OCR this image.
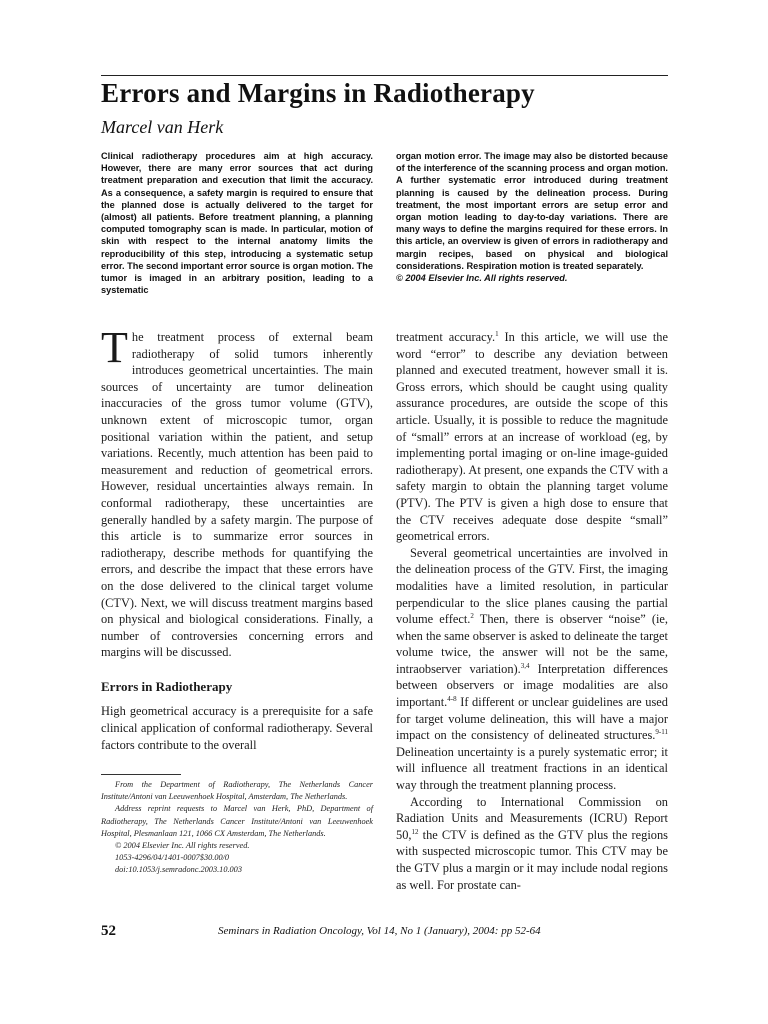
Errors and Margins in Radiotherapy

Marcel van Herk

Clinical radiotherapy procedures aim at high accuracy. However, there are many error sources that act during treatment preparation and execution that limit the accuracy. As a consequence, a safety margin is required to ensure that the planned dose is actually delivered to the target for (almost) all patients. Before treatment planning, a planning computed tomography scan is made. In particular, motion of skin with respect to the internal anatomy limits the reproducibility of this step, introducing a systematic setup error. The second important error source is organ motion. The tumor is imaged in an arbitrary position, leading to a systematic
organ motion error. The image may also be distorted because of the interference of the scanning process and organ motion. A further systematic error introduced during treatment planning is caused by the delineation process. During treatment, the most important errors are setup error and organ motion leading to day-to-day variations. There are many ways to define the margins required for these errors. In this article, an overview is given of errors in radiotherapy and margin recipes, based on physical and biological considerations. Respiration motion is treated separately.
© 2004 Elsevier Inc. All rights reserved.

The treatment process of external beam radiotherapy of solid tumors inherently introduces geometrical uncertainties. The main sources of uncertainty are tumor delineation inaccuracies of the gross tumor volume (GTV), unknown extent of microscopic tumor, organ positional variation within the patient, and setup variations. Recently, much attention has been paid to measurement and reduction of geometrical errors. However, residual uncertainties always remain. In conformal radiotherapy, these uncertainties are generally handled by a safety margin. The purpose of this article is to summarize error sources in radiotherapy, describe methods for quantifying the errors, and describe the impact that these errors have on the dose delivered to the clinical target volume (CTV). Next, we will discuss treatment margins based on physical and biological considerations. Finally, a number of controversies concerning errors and margins will be discussed.

Errors in Radiotherapy

High geometrical accuracy is a prerequisite for a safe clinical application of conformal radiotherapy. Several factors contribute to the overall

treatment accuracy.$^1$ In this article, we will use the word “error” to describe any deviation between planned and executed treatment, however small it is. Gross errors, which should be caught using quality assurance procedures, are outside the scope of this article. Usually, it is possible to reduce the magnitude of “small” errors at an increase of workload (eg, by implementing portal imaging or on-line image-guided radiotherapy). At present, one expands the CTV with a safety margin to obtain the planning target volume (PTV). The PTV is given a high dose to ensure that the CTV receives adequate dose despite “small” geometrical errors.

Several geometrical uncertainties are involved in the delineation process of the GTV. First, the imaging modalities have a limited resolution, in particular perpendicular to the slice planes causing the partial volume effect.$^2$ Then, there is observer “noise” (ie, when the same observer is asked to delineate the target volume twice, the answer will not be the same, intraobserver variation).$^{3,4}$ Interpretation differences between observers or image modalities are also important.$^{4-8}$ If different or unclear guidelines are used for target volume delineation, this will have a major impact on the consistency of delineated structures.$^{9-11}$ Delineation uncertainty is a purely systematic error; it will influence all treatment fractions in an identical way through the treatment planning process.

According to International Commission on Radiation Units and Measurements (ICRU) Report 50,12 the CTV is defined as the GTV plus the regions with suspected microscopic tumor. This CTV may be the GTV plus a margin or it may include nodal regions as well. For prostate can-

From the Department of Radiotherapy, The Netherlands Cancer Institute/Antoni van Leeuwenhoek Hospital, Amsterdam, The Netherlands.

Address reprint requests to Marcel van Herk, PhD, Department of Radiotherapy, The Netherlands Cancer Institute/Antoni van Leeuwenhoek Hospital, Plesmanlaan 121, 1066 CX Amsterdam, The Netherlands.

© 2004 Elsevier Inc. All rights reserved.

1053-4296/04/1401-0007$30.00/0

doi:10.1053/j.semradonc.2003.10.003

52	Seminars in Radiation Oncology, Vol 14, No 1 (January), 2004: pp 52-64
